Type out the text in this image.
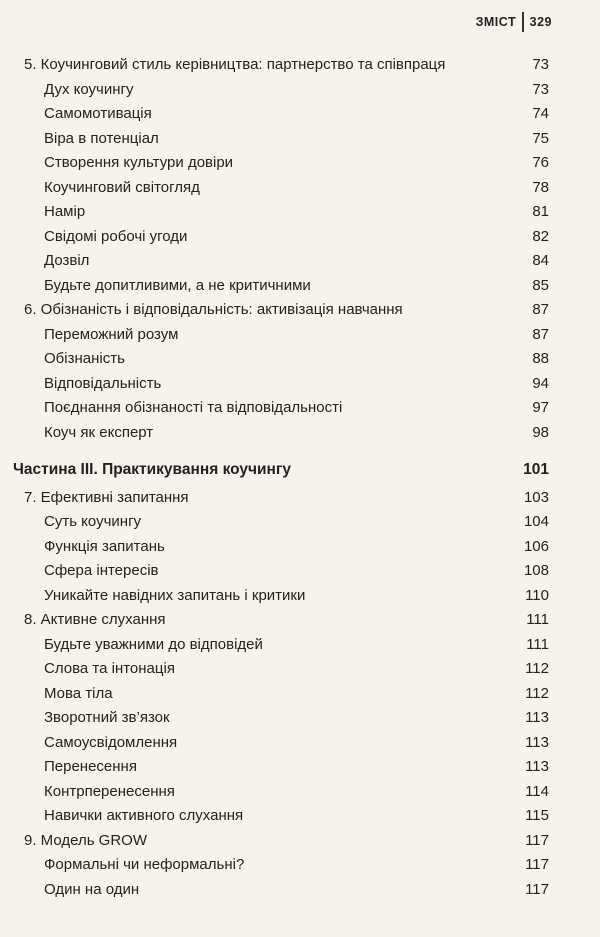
ЗМІСТ 329
5. Коучинговий стиль керівництва: партнерство та співпраця	73
Дух коучингу	73
Самомотивація	74
Віра в потенціал	75
Створення культури довіри	76
Коучинговий світогляд	78
Намір	81
Свідомі робочі угоди	82
Дозвіл	84
Будьте допитливими, а не критичними	85
6. Обізнаність і відповідальність: активізація навчання	87
Переможний розум	87
Обізнаність	88
Відповідальність	94
Поєднання обізнаності та відповідальності	97
Коуч як експерт	98
Частина III. Практикування коучингу	101
7. Ефективні запитання	103
Суть коучингу	104
Функція запитань	106
Сфера інтересів	108
Уникайте навідних запитань і критики	110
8. Активне слухання	111
Будьте уважними до відповідей	111
Слова та інтонація	112
Мова тіла	112
Зворотний зв’язок	113
Самоусвідомлення	113
Перенесення	113
Контрперенесення	114
Навички активного слухання	115
9. Модель GROW	117
Формальні чи неформальні?	117
Один на один	117
